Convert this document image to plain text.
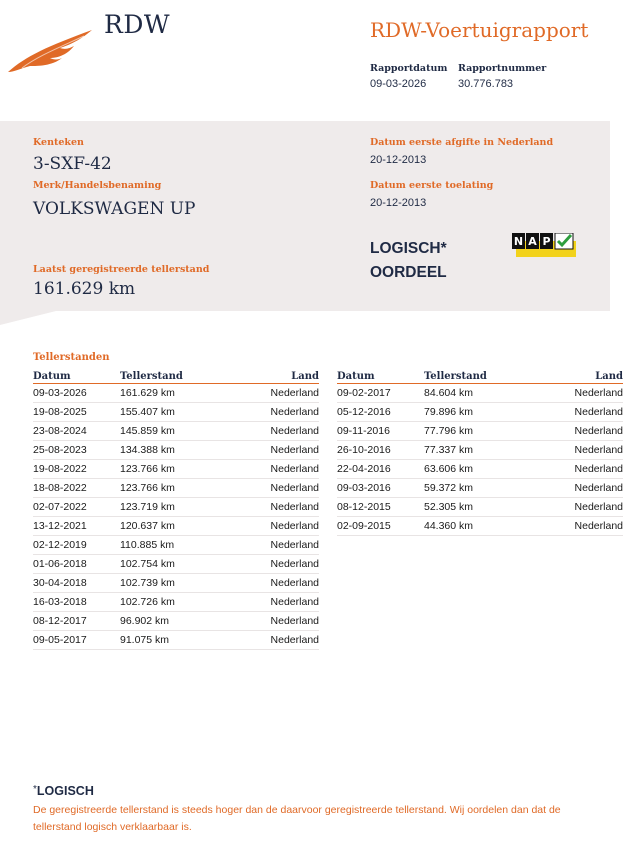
RDW	RDW-Voertuigrapport
Rapportdatum
09-03-2026
Rapportnummer
30.776.783
Kenteken
3-SXF-42
Merk/Handelsbenaming
VOLKSWAGEN UP
Laatst geregistreerde tellerstand
161.629 km
Datum eerste afgifte in Nederland
20-12-2013
Datum eerste toelating
20-12-2013
LOGISCH*
OORDEEL
N A P
Tellerstanden
Datum	Tellerstand	Land
09-03-2026	161.629 km	Nederland
19-08-2025	155.407 km	Nederland
23-08-2024	145.859 km	Nederland
25-08-2023	134.388 km	Nederland
19-08-2022	123.766 km	Nederland
18-08-2022	123.766 km	Nederland
02-07-2022	123.719 km	Nederland
13-12-2021	120.637 km	Nederland
02-12-2019	110.885 km	Nederland
01-06-2018	102.754 km	Nederland
30-04-2018	102.739 km	Nederland
16-03-2018	102.726 km	Nederland
08-12-2017	96.902 km	Nederland
09-05-2017	91.075 km	Nederland
Datum	Tellerstand	Land
09-02-2017	84.604 km	Nederland
05-12-2016	79.896 km	Nederland
09-11-2016	77.796 km	Nederland
26-10-2016	77.337 km	Nederland
22-04-2016	63.606 km	Nederland
09-03-2016	59.372 km	Nederland
08-12-2015	52.305 km	Nederland
02-09-2015	44.360 km	Nederland
*LOGISCH
De geregistreerde tellerstand is steeds hoger dan de daarvoor geregistreerde tellerstand. Wij oordelen dan dat de tellerstand logisch verklaarbaar is.
